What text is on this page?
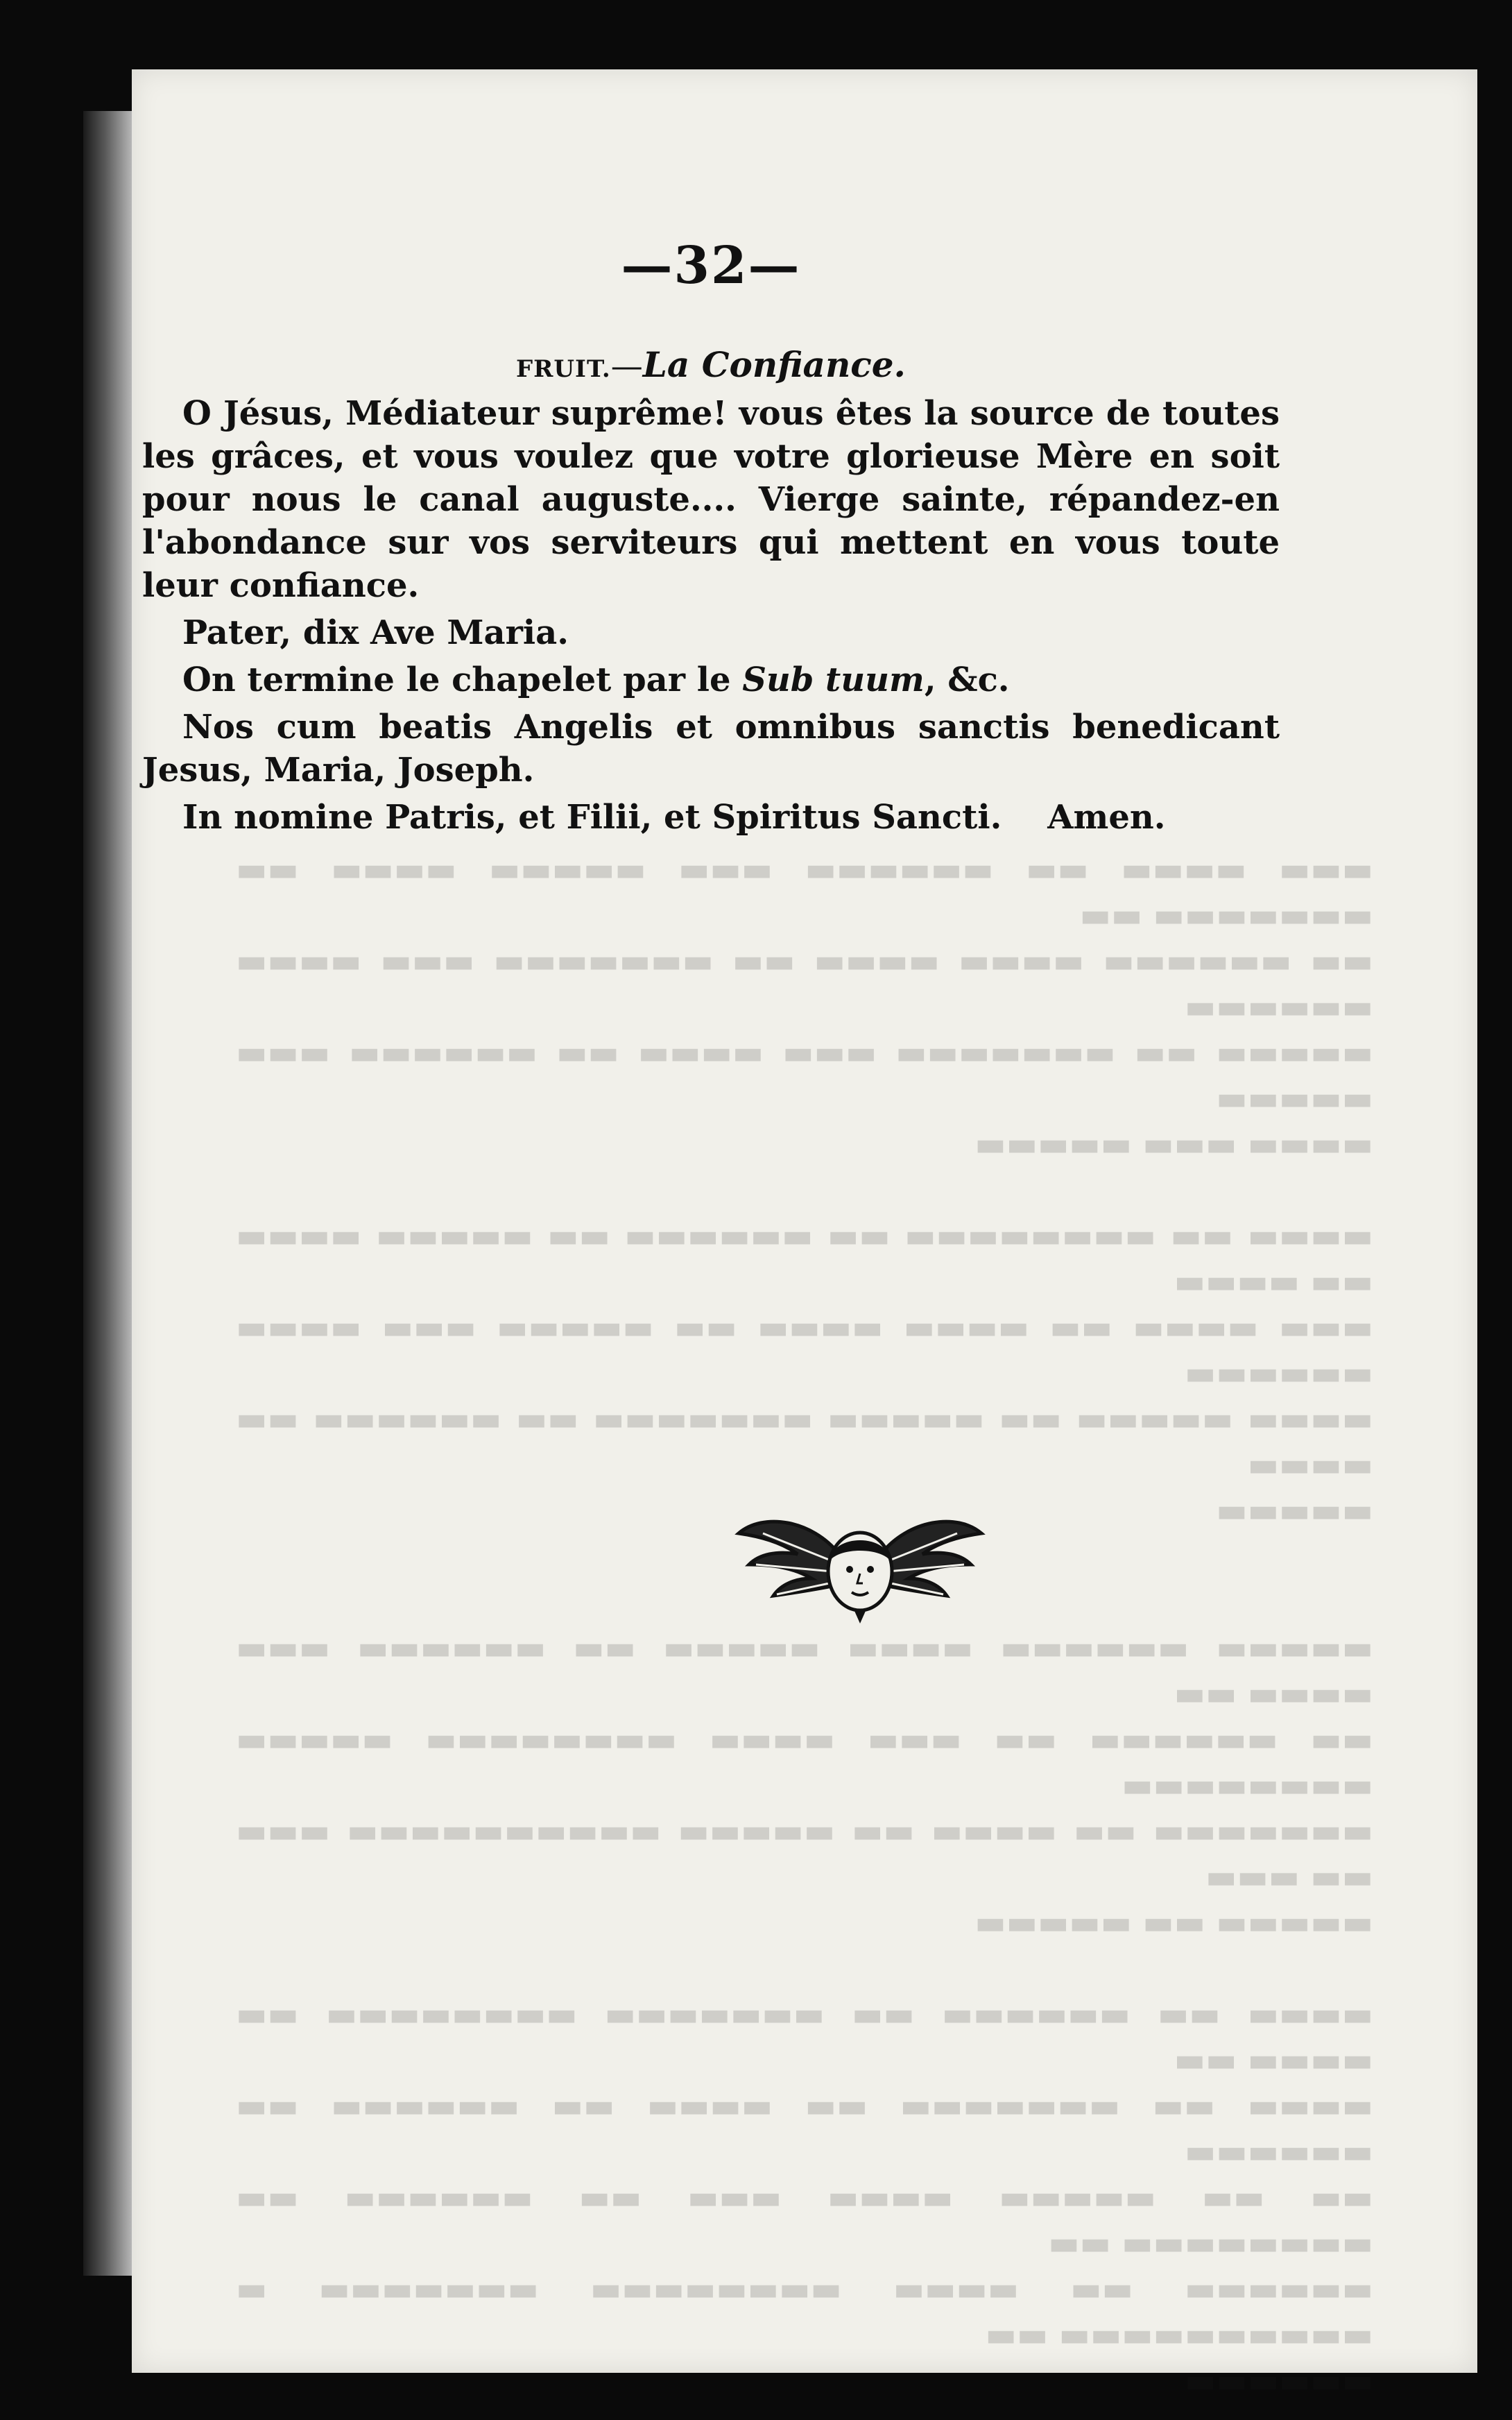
▬▬▬ ▬▬▬▬ ▬▬ ▬▬▬▬▬▬ ▬▬▬ ▬▬▬▬▬ ▬▬▬▬ ▬▬ ▬▬▬▬▬▬▬ ▬▬

▬▬ ▬▬▬▬▬▬ ▬▬▬▬ ▬▬▬▬ ▬▬ ▬▬▬▬▬▬▬ ▬▬▬ ▬▬▬▬ ▬▬▬▬▬▬

▬▬▬▬▬ ▬▬ ▬▬▬▬▬▬▬ ▬▬▬ ▬▬▬▬ ▬▬ ▬▬▬▬▬▬ ▬▬▬ ▬▬▬▬▬

▬▬▬▬ ▬▬▬ ▬▬▬▬▬

▬▬▬▬ ▬▬ ▬▬▬▬▬▬▬▬ ▬▬ ▬▬▬▬▬▬ ▬▬ ▬▬▬▬▬ ▬▬▬▬ ▬▬ ▬▬▬▬

▬▬▬ ▬▬▬▬ ▬▬ ▬▬▬▬ ▬▬▬▬ ▬▬ ▬▬▬▬▬ ▬▬▬ ▬▬▬▬ ▬▬▬▬▬▬

▬▬▬▬ ▬▬▬▬▬ ▬▬ ▬▬▬▬▬ ▬▬▬▬▬▬▬ ▬▬ ▬▬▬▬▬▬ ▬▬ ▬▬▬▬

▬▬▬▬▬

▬▬▬▬▬ ▬▬▬▬▬▬ ▬▬▬▬ ▬▬▬▬▬ ▬▬ ▬▬▬▬▬▬ ▬▬▬ ▬▬▬▬ ▬▬

▬▬ ▬▬▬▬▬▬ ▬▬ ▬▬▬ ▬▬▬▬ ▬▬▬▬▬▬▬▬ ▬▬▬▬▬ ▬▬▬▬▬▬▬▬

▬▬▬▬▬▬▬ ▬▬ ▬▬▬▬ ▬▬ ▬▬▬▬▬ ▬▬▬▬▬▬▬▬▬▬ ▬▬▬ ▬▬ ▬▬▬

▬▬▬▬▬ ▬▬ ▬▬▬▬▬

▬▬▬▬ ▬▬ ▬▬▬▬▬▬ ▬▬ ▬▬▬▬▬▬▬ ▬▬▬▬▬▬▬▬ ▬▬ ▬▬▬▬ ▬▬

▬▬▬▬ ▬▬ ▬▬▬▬▬▬▬ ▬▬ ▬▬▬▬ ▬▬ ▬▬▬▬▬▬ ▬▬ ▬▬▬▬▬▬

▬▬ ▬▬ ▬▬▬▬▬ ▬▬▬▬ ▬▬▬ ▬▬ ▬▬▬▬▬▬ ▬▬ ▬▬▬▬▬▬▬▬ ▬▬

▬▬▬▬▬▬ ▬▬ ▬▬▬▬ ▬▬▬▬▬▬▬▬ ▬▬▬▬▬▬▬ ▬ ▬▬▬▬▬▬▬▬▬▬ ▬▬

▬▬▬▬▬▬

—32—
FRUIT.—La Confiance.

O Jésus, Médiateur suprême! vous êtes la source de toutes les grâces, et vous voulez que votre glorieuse Mère en soit pour nous le canal auguste.... Vierge sainte, répandez-en l'abondance sur vos serviteurs qui mettent en vous toute leur confiance.

Pater, dix Ave Maria.

On termine le chapelet par le Sub tuum, &c.

Nos cum beatis Angelis et omnibus sanctis benedicant Jesus, Maria, Joseph.

In nomine Patris, et Filii, et Spiritus Sancti. Amen.
